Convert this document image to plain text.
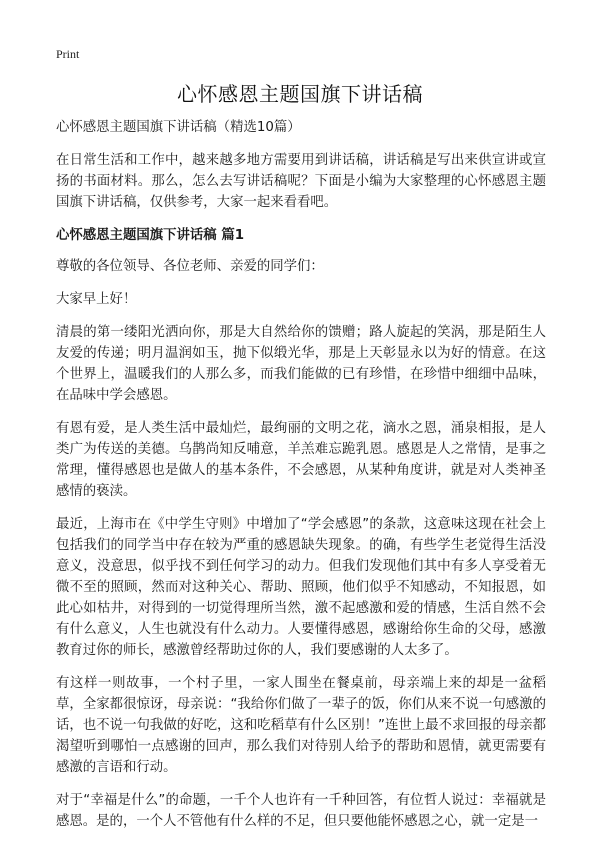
Print
心怀感恩主题国旗下讲话稿

心怀感恩主题国旗下讲话稿（精选10篇）

在日常生活和工作中，越来越多地方需要用到讲话稿，讲话稿是写出来供宣讲或宣扬的书面材料。那么，怎么去写讲话稿呢？下面是小编为大家整理的心怀感恩主题国旗下讲话稿，仅供参考，大家一起来看看吧。

心怀感恩主题国旗下讲话稿 篇1

尊敬的各位领导、各位老师、亲爱的同学们：

大家早上好！

清晨的第一缕阳光洒向你，那是大自然给你的馈赠；路人旋起的笑涡，那是陌生人友爱的传递；明月温润如玉，抛下似缎光华，那是上天彰显永以为好的情意。在这个世界上，温暖我们的人那么多，而我们能做的已有珍惜，在珍惜中细细中品味，在品味中学会感恩。

有恩有爱，是人类生活中最灿烂，最绚丽的文明之花，滴水之恩，涌泉相报，是人类广为传送的美德。乌鹊尚知反哺意，羊羔难忘跪乳恩。感恩是人之常情，是事之常理，懂得感恩也是做人的基本条件，不会感恩，从某种角度讲，就是对人类神圣感情的亵渎。

最近，上海市在《中学生守则》中增加了“学会感恩”的条款，这意味这现在社会上包括我们的同学当中存在较为严重的感恩缺失现象。的确，有些学生老觉得生活没意义，没意思，似乎找不到任何学习的动力。但我们发现他们其中有多人享受着无微不至的照顾，然而对这种关心、帮助、照顾，他们似乎不知感动，不知报恩，如此心如枯井，对得到的一切觉得理所当然，激不起感激和爱的情感，生活自然不会有什么意义，人生也就没有什么动力。人要懂得感恩，感谢给你生命的父母，感激教育过你的师长，感激曾经帮助过你的人，我们要感谢的人太多了。

有这样一则故事，一个村子里，一家人围坐在餐桌前，母亲端上来的却是一盆稻草，全家都很惊讶，母亲说：“我给你们做了一辈子的饭，你们从来不说一句感激的话，也不说一句我做的好吃，这和吃稻草有什么区别！”连世上最不求回报的母亲都渴望听到哪怕一点感谢的回声，那么我们对待别人给予的帮助和恩情，就更需要有感激的言语和行动。

对于“幸福是什么”的命题，一千个人也许有一千种回答，有位哲人说过：幸福就是感恩。是的，一个人不管他有什么样的不足，但只要他能怀感恩之心，就一定是一
